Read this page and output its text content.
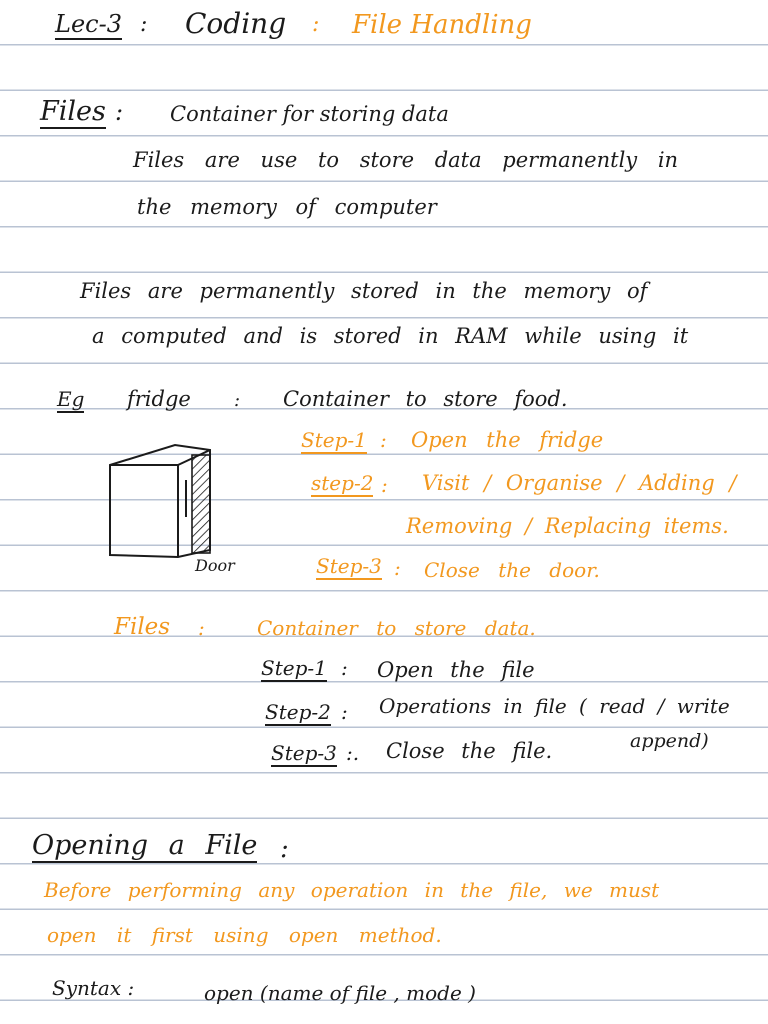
Lec-3 : Coding : File Handling
Files : Container for storing data
Files are use to store data permanently in
the memory of computer
Files are permanently stored in the memory of
a computed and is stored in RAM while using it
Eg fridge : Container to store food.
Step-1 : Open the fridge
step-2 : Visit / Organise / Adding /
Removing / Replacing items.
Step-3 : Close the door.
Door
Files :	Container to store data.
Step-1 : Open the file
Step-2 : Operations in file ( read / write
append)
Step-3 :. Close the file.
Opening a File :
Before performing any operation in the file, we must
open it first using open method.
Syntax :	open (name of file , mode )
